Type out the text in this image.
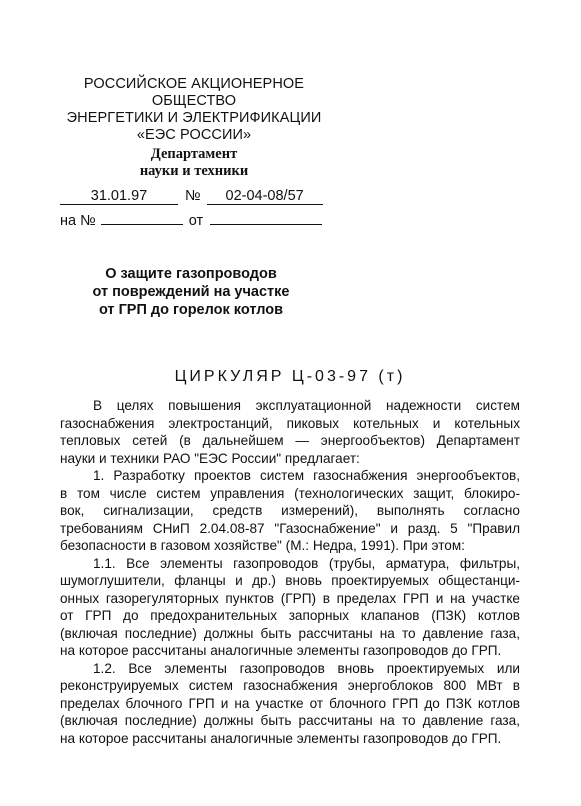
РОССИЙСКОЕ АКЦИОНЕРНОЕ
ОБЩЕСТВО
ЭНЕРГЕТИКИ И ЭЛЕКТРИФИКАЦИИ
«ЕЭС РОССИИ»
Департамент
науки и техники
31.01.97	№ 02-04-08/57
на №	от
О защите газопроводов
от повреждений на участке
от ГРП до горелок котлов
ЦИРКУЛЯР Ц-03-97 (т)
В целях повышения эксплуатационной надежности систем
газоснабжения электростанций, пиковых котельных и котельных
тепловых сетей (в дальнейшем — энергообъектов) Департамент
науки и техники РАО "ЕЭС России" предлагает:
1. Разработку проектов систем газоснабжения энергообъектов,
в том числе систем управления (технологических защит, блокиро-
вок, сигнализации, средств измерений), выполнять согласно
требованиям СНиП 2.04.08-87 "Газоснабжение" и разд. 5 "Правил
безопасности в газовом хозяйстве" (М.: Недра, 1991). При этом:
1.1. Все элементы газопроводов (трубы, арматура, фильтры,
шумоглушители, фланцы и др.) вновь проектируемых общестанци-
онных газорегуляторных пунктов (ГРП) в пределах ГРП и на участке
от ГРП до предохранительных запорных клапанов (ПЗК) котлов
(включая последние) должны быть рассчитаны на то давление газа,
на которое рассчитаны аналогичные элементы газопроводов до ГРП.
1.2. Все элементы газопроводов вновь проектируемых или
реконструируемых систем газоснабжения энергоблоков 800 МВт в
пределах блочного ГРП и на участке от блочного ГРП до ПЗК котлов
(включая последние) должны быть рассчитаны на то давление газа,
на которое рассчитаны аналогичные элементы газопроводов до ГРП.
